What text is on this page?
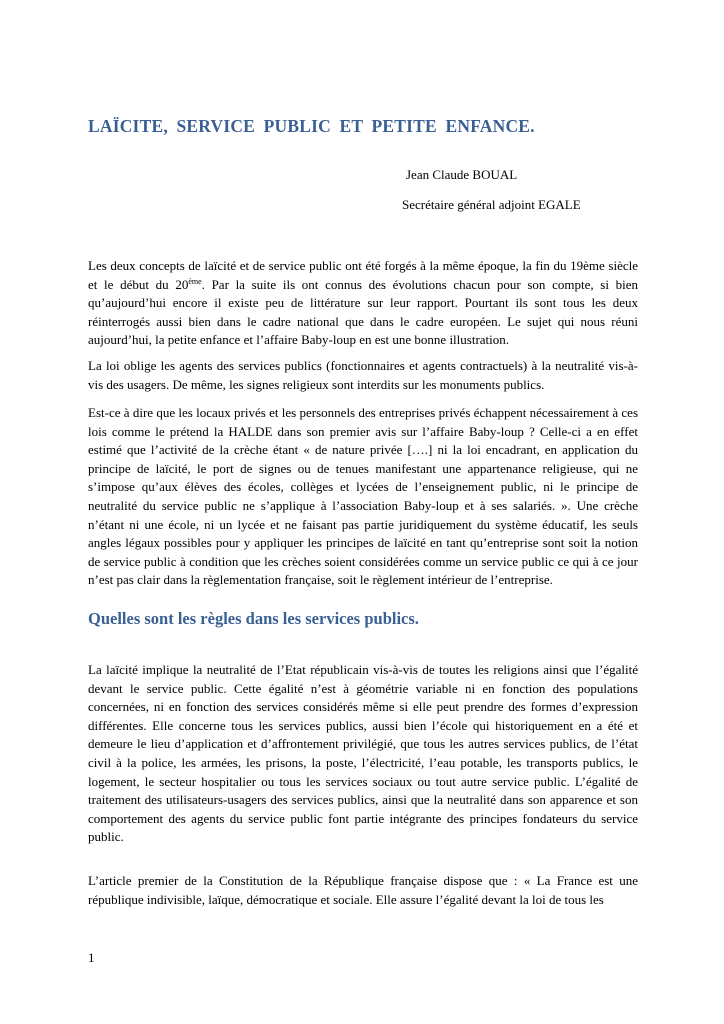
LAÏCITE, SERVICE PUBLIC ET PETITE ENFANCE.

Jean Claude BOUAL

Secrétaire général adjoint EGALE

Les deux concepts de laïcité et de service public ont été forgés à la même époque, la fin du 19ème siècle et le début du 20ème. Par la suite ils ont connus des évolutions chacun pour son compte, si bien qu’aujourd’hui encore il existe peu de littérature sur leur rapport. Pourtant ils sont tous les deux réinterrogés aussi bien dans le cadre national que dans le cadre européen. Le sujet qui nous réuni aujourd’hui, la petite enfance et l’affaire Baby-loup en est une bonne illustration.

La loi oblige les agents des services publics (fonctionnaires et agents contractuels) à la neutralité vis-à-vis des usagers. De même, les signes religieux sont interdits sur les monuments publics.

Est-ce à dire que les locaux privés et les personnels des entreprises privés échappent nécessairement à ces lois comme le prétend la HALDE dans son premier avis sur l’affaire Baby-loup ? Celle-ci a en effet estimé que l’activité de la crèche étant « de nature privée [….] ni la loi encadrant, en application du principe de laïcité, le port de signes ou de tenues manifestant une appartenance religieuse, qui ne s’impose qu’aux élèves des écoles, collèges et lycées de l’enseignement public, ni le principe de neutralité du service public ne s’applique à l’association Baby-loup et à ses salariés. ». Une crèche n’étant ni une école, ni un lycée et ne faisant pas partie juridiquement du système éducatif, les seuls angles légaux possibles pour y appliquer les principes de laïcité en tant qu’entreprise sont soit la notion de service public à condition que les crèches soient considérées comme un service public ce qui à ce jour n’est pas clair dans la règlementation française, soit le règlement intérieur de l’entreprise.

Quelles sont les règles dans les services publics.

La laïcité implique la neutralité de l’Etat républicain vis-à-vis de toutes les religions ainsi que l’égalité devant le service public. Cette égalité n’est à géométrie variable ni en fonction des populations concernées, ni en fonction des services considérés même si elle peut prendre des formes d’expression différentes. Elle concerne tous les services publics, aussi bien l’école qui historiquement en a été et demeure le lieu d’application et d’affrontement privilégié, que tous les autres services publics, de l’état civil à la police, les armées, les prisons, la poste, l’électricité, l’eau potable, les transports publics, le logement, le secteur hospitalier ou tous les services sociaux ou tout autre service public. L’égalité de traitement des utilisateurs-usagers des services publics, ainsi que la neutralité dans son apparence et son comportement des agents du service public font partie intégrante des principes fondateurs du service public.

L’article premier de la Constitution de la République française dispose que : « La France est une république indivisible, laïque, démocratique et sociale. Elle assure l’égalité devant la loi de tous les

1
